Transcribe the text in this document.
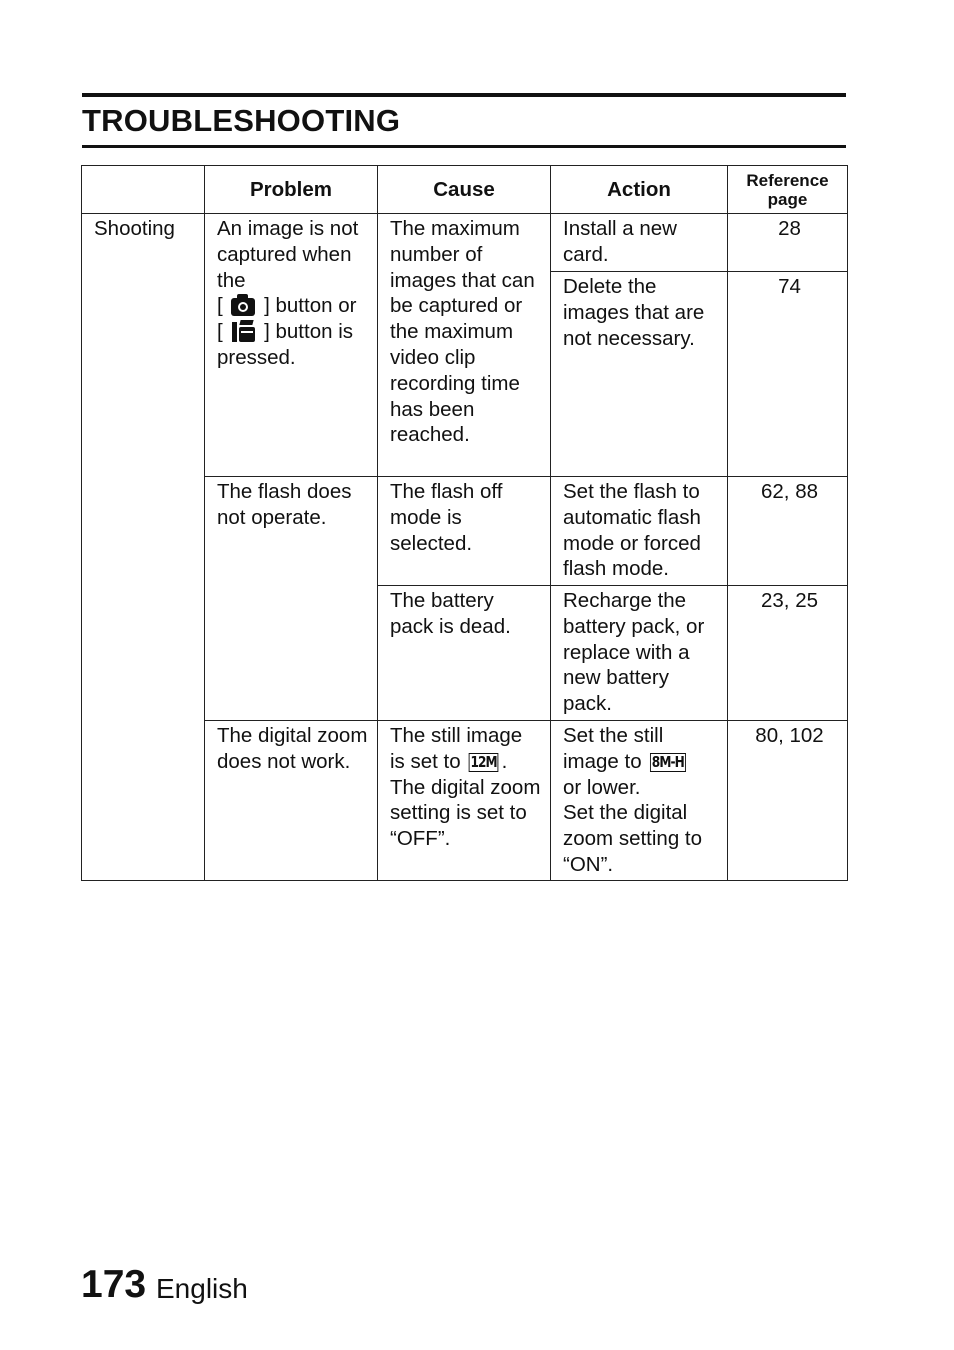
TROUBLESHOOTING
	Problem	Cause	Action	Reference
page
Shooting	An image is not captured when the
[ ] button or
[ ] button is pressed.	The maximum number of images that can be captured or the maximum video clip recording time has been reached.	Install a new card.	28
			Delete the images that are not necessary.	74
	The flash does not operate.	The flash off mode is selected.	Set the flash to automatic flash mode or forced flash mode.	62, 88
		The battery pack is dead.	Recharge the battery pack, or replace with a new battery pack.	23, 25
	The digital zoom does not work.	The still image is set to 12M . The digital zoom setting is set to “OFF”.	Set the still image to 8M-H
or lower.
Set the digital zoom setting to “ON”.	80, 102
173 English
